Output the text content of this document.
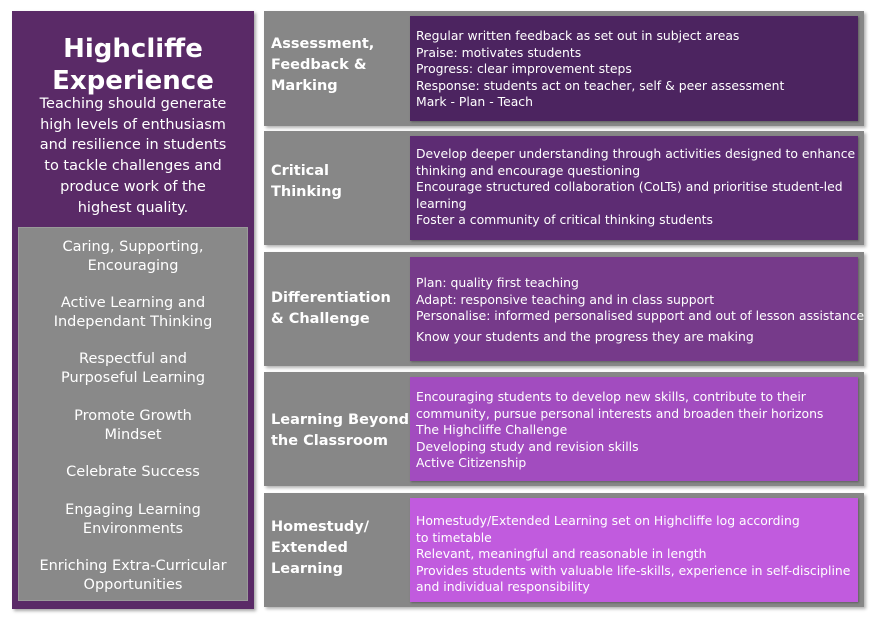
Highcliffe
Experience
Teaching should generate
high levels of enthusiasm
and resilience in students
to tackle challenges and
produce work of the
highest quality.
Caring, Supporting,
Encouraging
Active Learning and
Independant Thinking
Respectful and
Purposeful Learning
Promote Growth
Mindset
Celebrate Success
Engaging Learning
Environments
Enriching Extra-Curricular
Opportunities
Assessment,
Feedback &
Marking

Regular written feedback as set out in subject areas

Praise: motivates students

Progress: clear improvement steps

Response: students act on teacher, self & peer assessment

Mark - Plan - Teach

Critical
Thinking

Develop deeper understanding through activities designed to enhance

thinking and encourage questioning

Encourage structured collaboration (CoLTs) and prioritise student-led

learning

Foster a community of critical thinking students

Differentiation
& Challenge

Plan: quality first teaching

Adapt: responsive teaching and in class support

Personalise: informed personalised support and out of lesson assistance

Know your students and the progress they are making

Learning Beyond
the Classroom

Encouraging students to develop new skills, contribute to their

community, pursue personal interests and broaden their horizons

The Highcliffe Challenge

Developing study and revision skills

Active Citizenship

Homestudy/
Extended
Learning

Homestudy/Extended Learning set on Highcliffe log according

to timetable

Relevant, meaningful and reasonable in length

Provides students with valuable life-skills, experience in self-discipline

and individual responsibility
